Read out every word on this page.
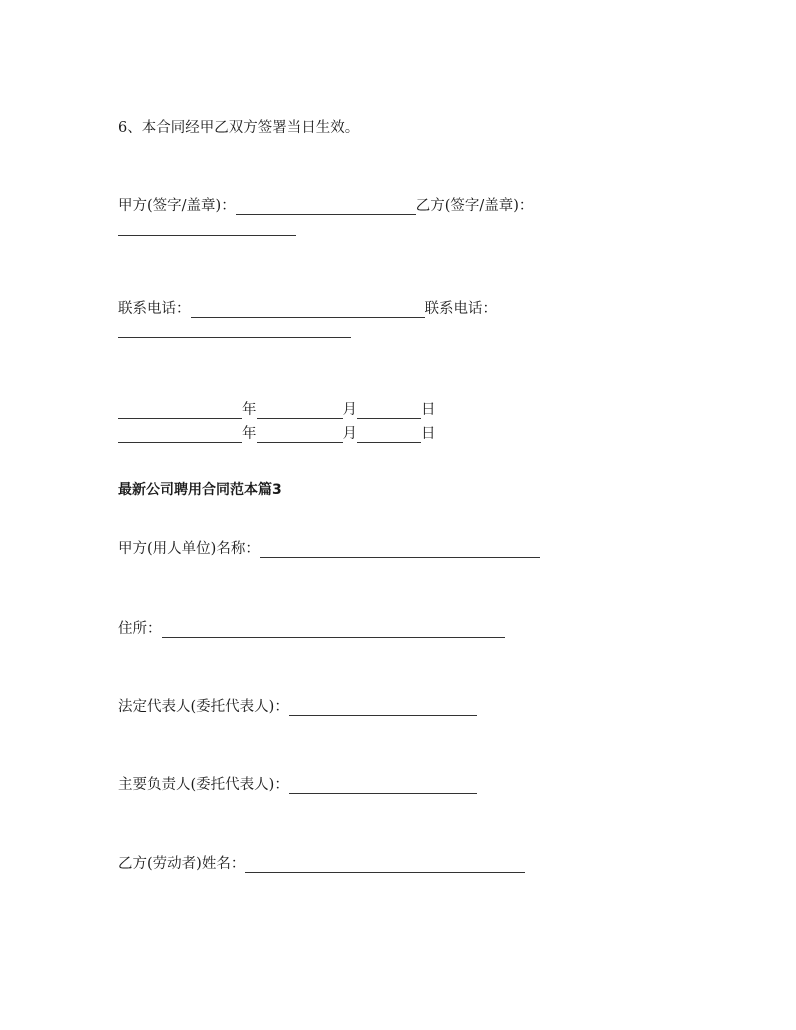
6、本合同经甲乙双方签署当日生效。
甲方(签字/盖章)：	乙方(签字/盖章)：
联系电话：	联系电话：
年	月	日
年	月	日
最新公司聘用合同范本篇3
甲方(用人单位)名称：
住所：
法定代表人(委托代表人)：
主要负责人(委托代表人)：
乙方(劳动者)姓名：
